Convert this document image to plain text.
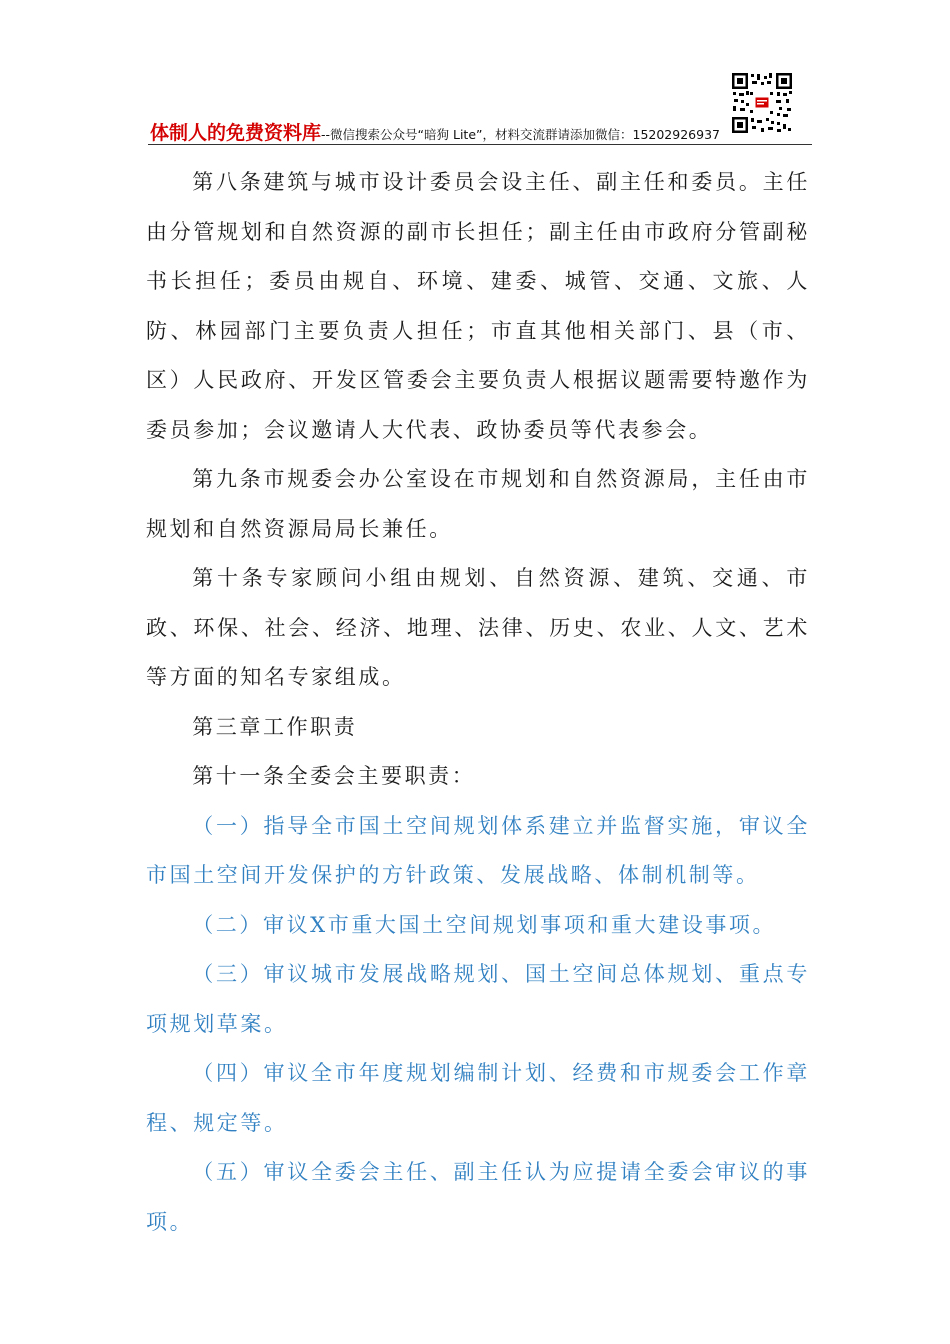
体制人的免费资料库--微信搜索公众号“暗狗 Lite”，材料交流群请添加微信：15202926937

第八条建筑与城市设计委员会设主任、副主任和委员。主任由分管规划和自然资源的副市长担任；副主任由市政府分管副秘书长担任；委员由规自、环境、建委、城管、交通、文旅、人防、林园部门主要负责人担任；市直其他相关部门、县（市、区）人民政府、开发区管委会主要负责人根据议题需要特邀作为委员参加；会议邀请人大代表、政协委员等代表参会。

第九条市规委会办公室设在市规划和自然资源局，主任由市规划和自然资源局局长兼任。

第十条专家顾问小组由规划、自然资源、建筑、交通、市政、环保、社会、经济、地理、法律、历史、农业、人文、艺术等方面的知名专家组成。

第三章工作职责

第十一条全委会主要职责：

（一）指导全市国土空间规划体系建立并监督实施，审议全市国土空间开发保护的方针政策、发展战略、体制机制等。

（二）审议X市重大国土空间规划事项和重大建设事项。

（三）审议城市发展战略规划、国土空间总体规划、重点专项规划草案。

（四）审议全市年度规划编制计划、经费和市规委会工作章程、规定等。

（五）审议全委会主任、副主任认为应提请全委会审议的事项。
